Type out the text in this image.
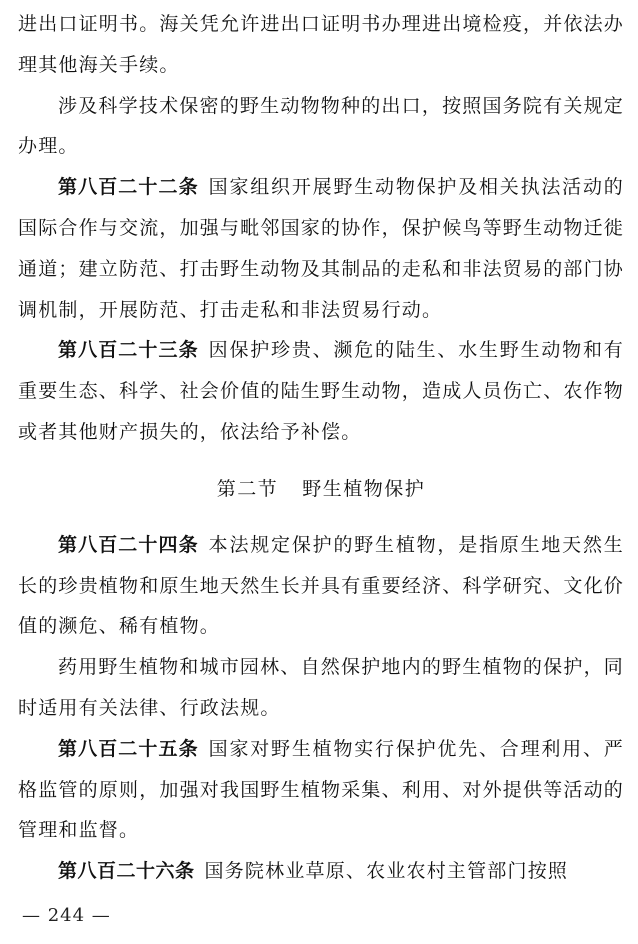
进出口证明书。海关凭允许进出口证明书办理进出境检疫，并依法办理其他海关手续。

涉及科学技术保密的野生动物物种的出口，按照国务院有关规定办理。

第八百二十二条 国家组织开展野生动物保护及相关执法活动的国际合作与交流，加强与毗邻国家的协作，保护候鸟等野生动物迁徙通道；建立防范、打击野生动物及其制品的走私和非法贸易的部门协调机制，开展防范、打击走私和非法贸易行动。

第八百二十三条 因保护珍贵、濒危的陆生、水生野生动物和有重要生态、科学、社会价值的陆生野生动物，造成人员伤亡、农作物或者其他财产损失的，依法给予补偿。

第二节 野生植物保护

第八百二十四条 本法规定保护的野生植物，是指原生地天然生长的珍贵植物和原生地天然生长并具有重要经济、科学研究、文化价值的濒危、稀有植物。

药用野生植物和城市园林、自然保护地内的野生植物的保护，同时适用有关法律、行政法规。

第八百二十五条 国家对野生植物实行保护优先、合理利用、严格监管的原则，加强对我国野生植物采集、利用、对外提供等活动的管理和监督。

第八百二十六条 国务院林业草原、农业农村主管部门按照

— 244 —
